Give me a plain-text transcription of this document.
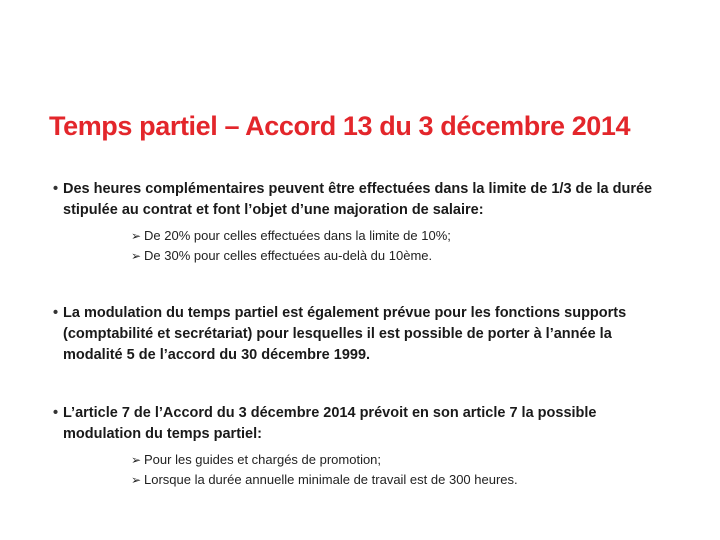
Temps partiel – Accord 13 du 3 décembre 2014
• Des heures complémentaires peuvent être effectuées dans la limite de 1/3 de la durée stipulée au contrat et font l’objet d’une majoration de salaire:
➢ De 20% pour celles effectuées dans la limite de 10%;
➢ De 30% pour celles effectuées au-delà du 10ème.
• La modulation du temps partiel est également prévue pour les fonctions supports (comptabilité et secrétariat) pour lesquelles il est possible de porter à l’année la modalité 5 de l’accord du 30 décembre 1999.
• L’article 7 de l’Accord du 3 décembre 2014 prévoit en son article 7 la possible modulation du temps partiel:
➢ Pour les guides et chargés de promotion;
➢ Lorsque la durée annuelle minimale de travail est de 300 heures.
